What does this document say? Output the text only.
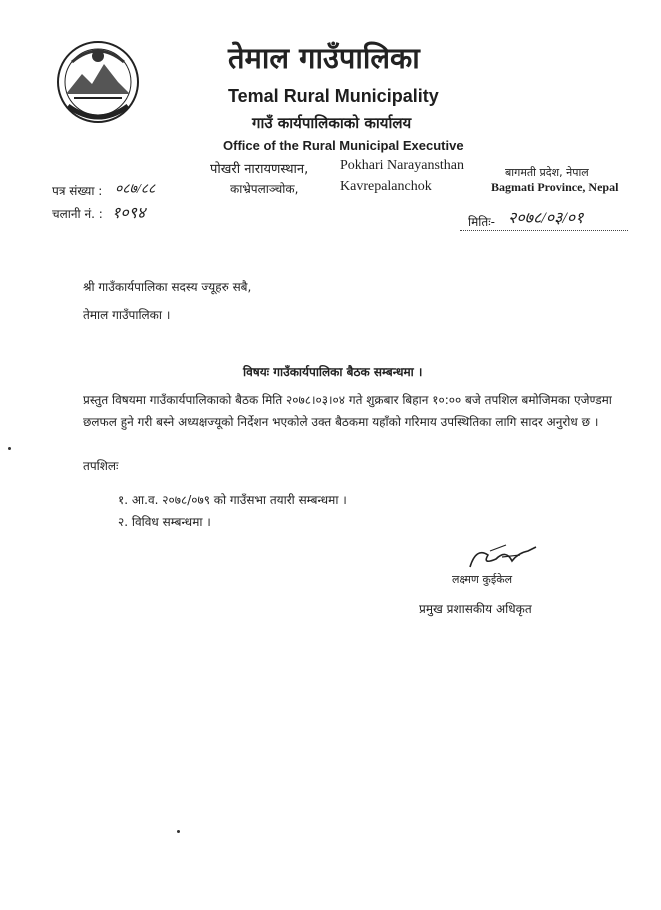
तेमाल गाउँपालिका
Temal Rural Municipality
गाउँ कार्यपालिकाको कार्यालय
Office of the Rural Municipal Executive
पोखरी नारायणस्थान, Pokhari Narayansthan
काभ्रेपलाञ्चोक,	Kavrepalanchok
बागमती प्रदेश, नेपाल
Bagmati Province, Nepal
पत्र संख्या : ०८७/८८
चलानी नं. : १०९४	मितिः- २०७८/०३/०१
श्री गाउँकार्यपालिका सदस्य ज्यूहरु सबै,
तेमाल गाउँपालिका ।
विषयः गाउँकार्यपालिका बैठक सम्बन्धमा ।
प्रस्तुत विषयमा गाउँकार्यपालिकाको बैठक मिति २०७८।०३।०४ गते शुक्रबार बिहान १०:०० बजे तपशिल बमोजिमका एजेण्डमा छलफल हुने गरी बस्ने अध्यक्षज्यूको निर्देशन भएकोले उक्त बैठकमा यहाँको गरिमाय उपस्थितिका लागि सादर अनुरोध छ ।
तपशिलः
१. आ.व. २०७८/०७९ को गाउँसभा तयारी सम्बन्धमा ।
२. विविध सम्बन्धमा ।
लक्ष्मण कुईकेल
प्रमुख प्रशासकीय अधिकृत
